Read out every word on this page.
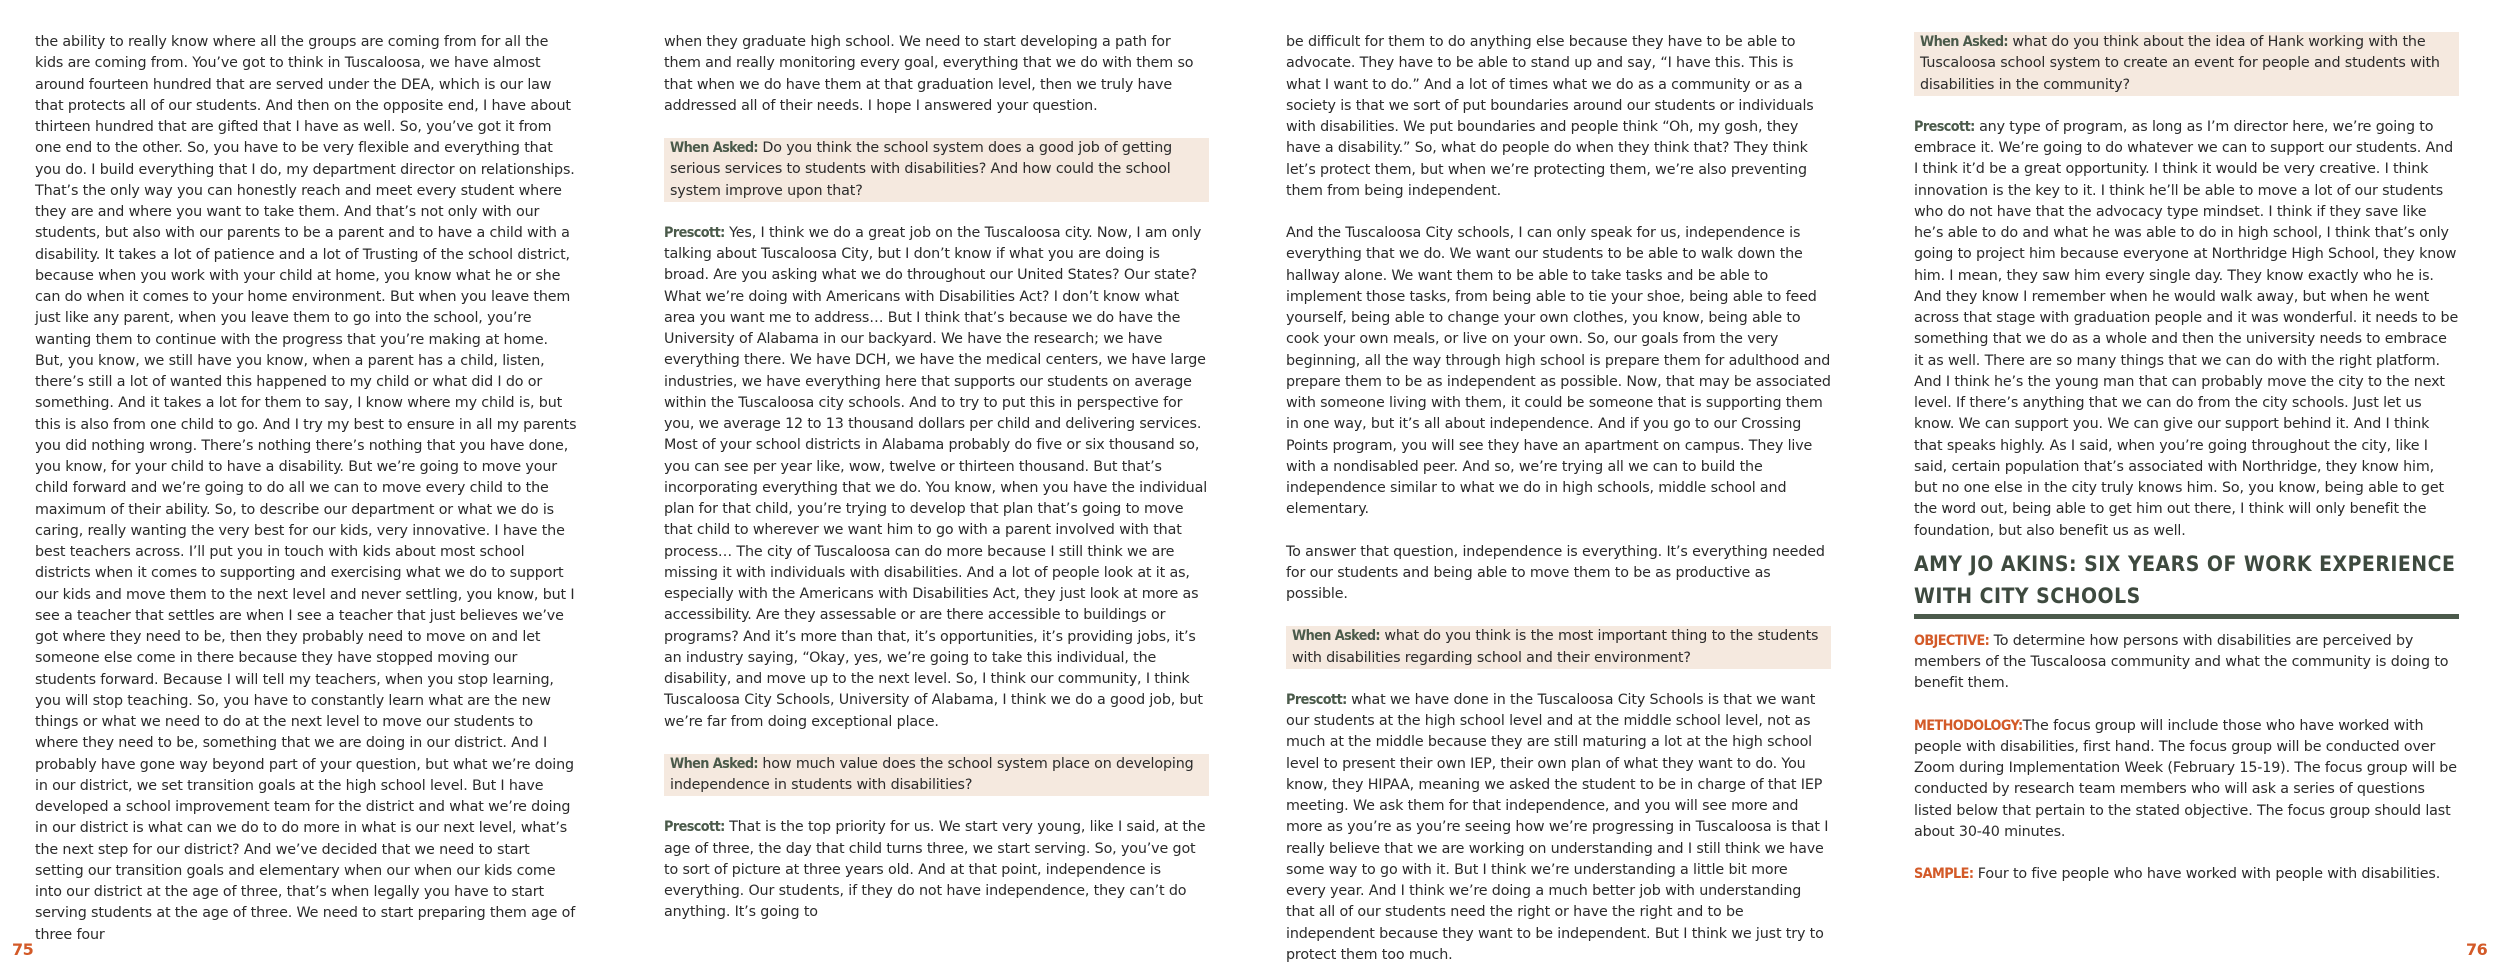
the ability to really know where all the groups are coming from for all the kids are coming from. You’ve got to think in Tuscaloosa, we have almost around fourteen hundred that are served under the DEA, which is our law that protects all of our students. And then on the opposite end, I have about thirteen hundred that are gifted that I have as well. So, you’ve got it from one end to the other. So, you have to be very flexible and everything that you do. I build everything that I do, my department director on relationships. That’s the only way you can honestly reach and meet every student where they are and where you want to take them. And that’s not only with our students, but also with our parents to be a parent and to have a child with a disability. It takes a lot of patience and a lot of Trusting of the school district, because when you work with your child at home, you know what he or she can do when it comes to your home environment. But when you leave them just like any parent, when you leave them to go into the school, you’re wanting them to continue with the progress that you’re making at home. But, you know, we still have you know, when a parent has a child, listen, there’s still a lot of wanted this happened to my child or what did I do or something. And it takes a lot for them to say, I know where my child is, but this is also from one child to go. And I try my best to ensure in all my parents you did nothing wrong. There’s nothing there’s nothing that you have done, you know, for your child to have a disability. But we’re going to move your child forward and we’re going to do all we can to move every child to the maximum of their ability. So, to describe our department or what we do is caring, really wanting the very best for our kids, very innovative. I have the best teachers across. I’ll put you in touch with kids about most school districts when it comes to supporting and exercising what we do to support our kids and move them to the next level and never settling, you know, but I see a teacher that settles are when I see a teacher that just believes we’ve got where they need to be, then they probably need to move on and let someone else come in there because they have stopped moving our students forward. Because I will tell my teachers, when you stop learning, you will stop teaching. So, you have to constantly learn what are the new things or what we need to do at the next level to move our students to where they need to be, something that we are doing in our district. And I probably have gone way beyond part of your question, but what we’re doing in our district, we set transition goals at the high school level. But I have developed a school improvement team for the district and what we’re doing in our district is what can we do to do more in what is our next level, what’s the next step for our district? And we’ve decided that we need to start setting our transition goals and elementary when our when our kids come into our district at the age of three, that’s when legally you have to start serving students at the age of three. We need to start preparing them age of three four

when they graduate high school. We need to start developing a path for them and really monitoring every goal, everything that we do with them so that when we do have them at that graduation level, then we truly have addressed all of their needs. I hope I answered your question.

When Asked: Do you think the school system does a good job of getting serious services to students with disabilities? And how could the school system improve upon that?

Prescott: Yes, I think we do a great job on the Tuscaloosa city. Now, I am only talking about Tuscaloosa City, but I don’t know if what you are doing is broad. Are you asking what we do throughout our United States? Our state? What we’re doing with Americans with Disabilities Act? I don’t know what area you want me to address… But I think that’s because we do have the University of Alabama in our backyard. We have the research; we have everything there. We have DCH, we have the medical centers, we have large industries, we have everything here that supports our students on average within the Tuscaloosa city schools. And to try to put this in perspective for you, we average 12 to 13 thousand dollars per child and delivering services. Most of your school districts in Alabama probably do five or six thousand so, you can see per year like, wow, twelve or thirteen thousand. But that’s incorporating everything that we do. You know, when you have the individual plan for that child, you’re trying to develop that plan that’s going to move that child to wherever we want him to go with a parent involved with that process… The city of Tuscaloosa can do more because I still think we are missing it with individuals with disabilities. And a lot of people look at it as, especially with the Americans with Disabilities Act, they just look at more as accessibility. Are they assessable or are there accessible to buildings or programs? And it’s more than that, it’s opportunities, it’s providing jobs, it’s an industry saying, “Okay, yes, we’re going to take this individual, the disability, and move up to the next level. So, I think our community, I think Tuscaloosa City Schools, University of Alabama, I think we do a good job, but we’re far from doing exceptional place.

When Asked: how much value does the school system place on developing independence in students with disabilities?

Prescott: That is the top priority for us. We start very young, like I said, at the age of three, the day that child turns three, we start serving. So, you’ve got to sort of picture at three years old. And at that point, independence is everything. Our students, if they do not have independence, they can’t do anything. It’s going to

be difficult for them to do anything else because they have to be able to advocate. They have to be able to stand up and say, “I have this. This is what I want to do.” And a lot of times what we do as a community or as a society is that we sort of put boundaries around our students or individuals with disabilities. We put boundaries and people think “Oh, my gosh, they have a disability.” So, what do people do when they think that? They think let’s protect them, but when we’re protecting them, we’re also preventing them from being independent.

And the Tuscaloosa City schools, I can only speak for us, independence is everything that we do. We want our students to be able to walk down the hallway alone. We want them to be able to take tasks and be able to implement those tasks, from being able to tie your shoe, being able to feed yourself, being able to change your own clothes, you know, being able to cook your own meals, or live on your own. So, our goals from the very beginning, all the way through high school is prepare them for adulthood and prepare them to be as independent as possible. Now, that may be associated with someone living with them, it could be someone that is supporting them in one way, but it’s all about independence. And if you go to our Crossing Points program, you will see they have an apartment on campus. They live with a nondisabled peer. And so, we’re trying all we can to build the independence similar to what we do in high schools, middle school and elementary.

To answer that question, independence is everything. It’s everything needed for our students and being able to move them to be as productive as possible.

When Asked: what do you think is the most important thing to the students with disabilities regarding school and their environment?

Prescott: what we have done in the Tuscaloosa City Schools is that we want our students at the high school level and at the middle school level, not as much at the middle because they are still maturing a lot at the high school level to present their own IEP, their own plan of what they want to do. You know, they HIPAA, meaning we asked the student to be in charge of that IEP meeting. We ask them for that independence, and you will see more and more as you’re as you’re seeing how we’re progressing in Tuscaloosa is that I really believe that we are working on understanding and I still think we have some way to go with it. But I think we’re understanding a little bit more every year. And I think we’re doing a much better job with understanding that all of our students need the right or have the right and to be independent because they want to be independent. But I think we just try to protect them too much.

When Asked: what do you think about the idea of Hank working with the Tuscaloosa school system to create an event for people and students with disabilities in the community?

Prescott: any type of program, as long as I’m director here, we’re going to embrace it. We’re going to do whatever we can to support our students. And I think it’d be a great opportunity. I think it would be very creative. I think innovation is the key to it. I think he’ll be able to move a lot of our students who do not have that the advocacy type mindset. I think if they save like he’s able to do and what he was able to do in high school, I think that’s only going to project him because everyone at Northridge High School, they know him. I mean, they saw him every single day. They know exactly who he is. And they know I remember when he would walk away, but when he went across that stage with graduation people and it was wonderful. it needs to be something that we do as a whole and then the university needs to embrace it as well. There are so many things that we can do with the right platform. And I think he’s the young man that can probably move the city to the next level. If there’s anything that we can do from the city schools. Just let us know. We can support you. We can give our support behind it. And I think that speaks highly. As I said, when you’re going throughout the city, like I said, certain population that’s associated with Northridge, they know him, but no one else in the city truly knows him. So, you know, being able to get the word out, being able to get him out there, I think will only benefit the foundation, but also benefit us as well.

AMY JO AKINS: SIX YEARS OF WORK EXPERIENCE WITH CITY SCHOOLS

OBJECTIVE: To determine how persons with disabilities are perceived by members of the Tuscaloosa community and what the community is doing to benefit them.

METHODOLOGY:The focus group will include those who have worked with people with disabilities, first hand. The focus group will be conducted over Zoom during Implementation Week (February 15-19). The focus group will be conducted by research team members who will ask a series of questions listed below that pertain to the stated objective. The focus group should last about 30-40 minutes.

SAMPLE: Four to five people who have worked with people with disabilities.

75	76
